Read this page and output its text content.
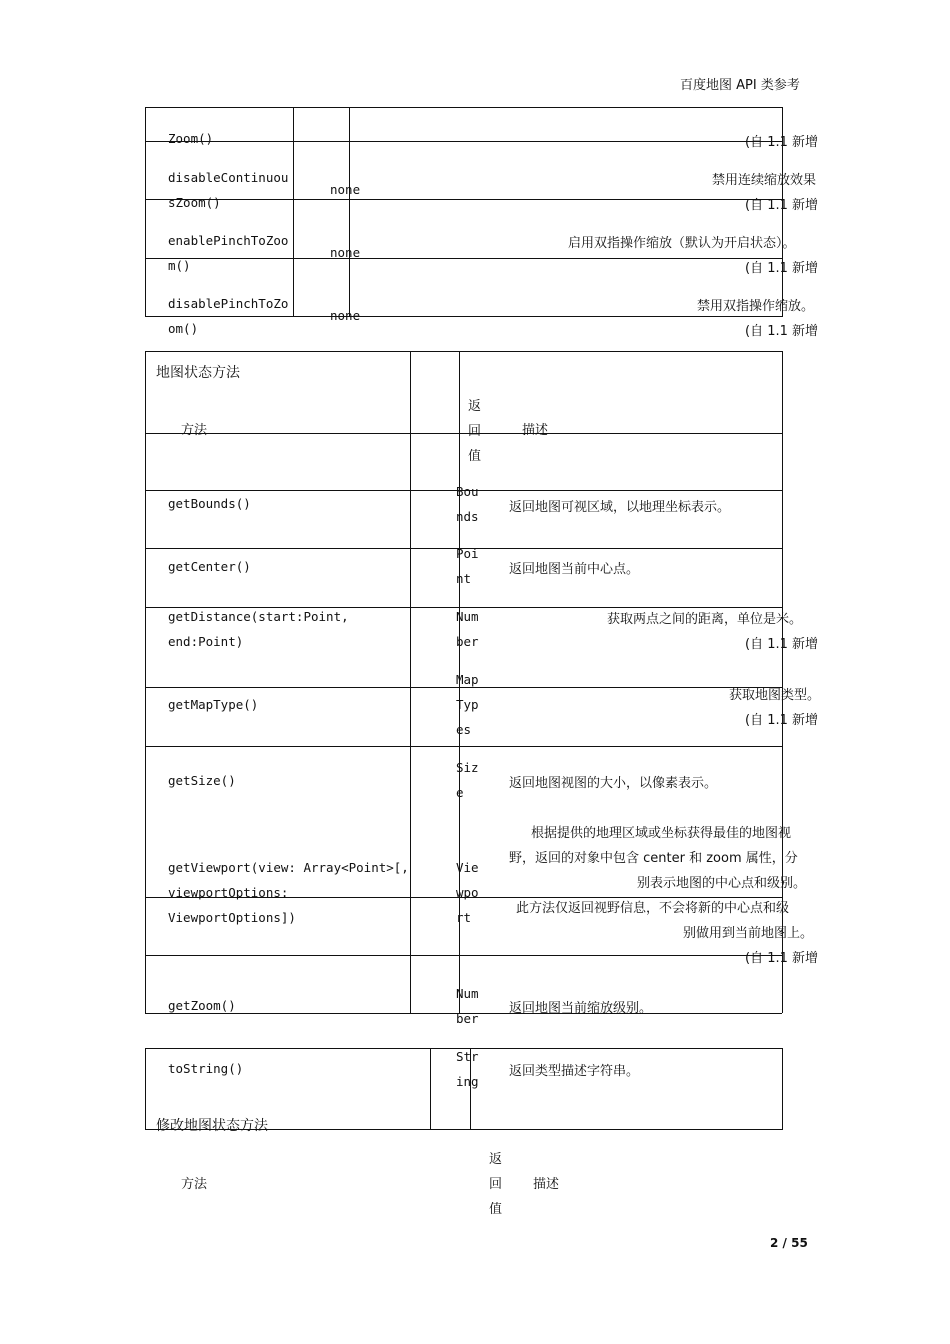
百度地图 API 类参考
2 / 55
Zoom()	(自 1.1 新增
disableContinuou
sZoom()
none
禁用连续缩放效果
(自 1.1 新增
enablePinchToZoo
m()
none
启用双指操作缩放（默认为开启状态）。
(自 1.1 新增
disablePinchToZo
om()
none
禁用双指操作缩放。
(自 1.1 新增
地图状态方法
方法
返
回
值
描述
getBounds()
Bou
nds
返回地图可视区域，以地理坐标表示。
getCenter()
Poi
nt
返回地图当前中心点。
getDistance(start:Point,
end:Point)
Num
ber
获取两点之间的距离，单位是米。
(自 1.1 新增
getMapType()
Map
Typ
es
获取地图类型。
(自 1.1 新增
getSize()
Siz
e
返回地图视图的大小，以像素表示。
getViewport(view: Array<Point>[,
viewportOptions:
ViewportOptions])
Vie
wpo
rt
根据提供的地理区域或坐标获得最佳的地图视
野，返回的对象中包含 center 和 zoom 属性，分
别表示地图的中心点和级别。
此方法仅返回视野信息，不会将新的中心点和级
别做用到当前地图上。
(自 1.1 新增
getZoom()
Num
ber
返回地图当前缩放级别。
toString()
Str
ing
返回类型描述字符串。
修改地图状态方法
方法
返
回
值
描述
